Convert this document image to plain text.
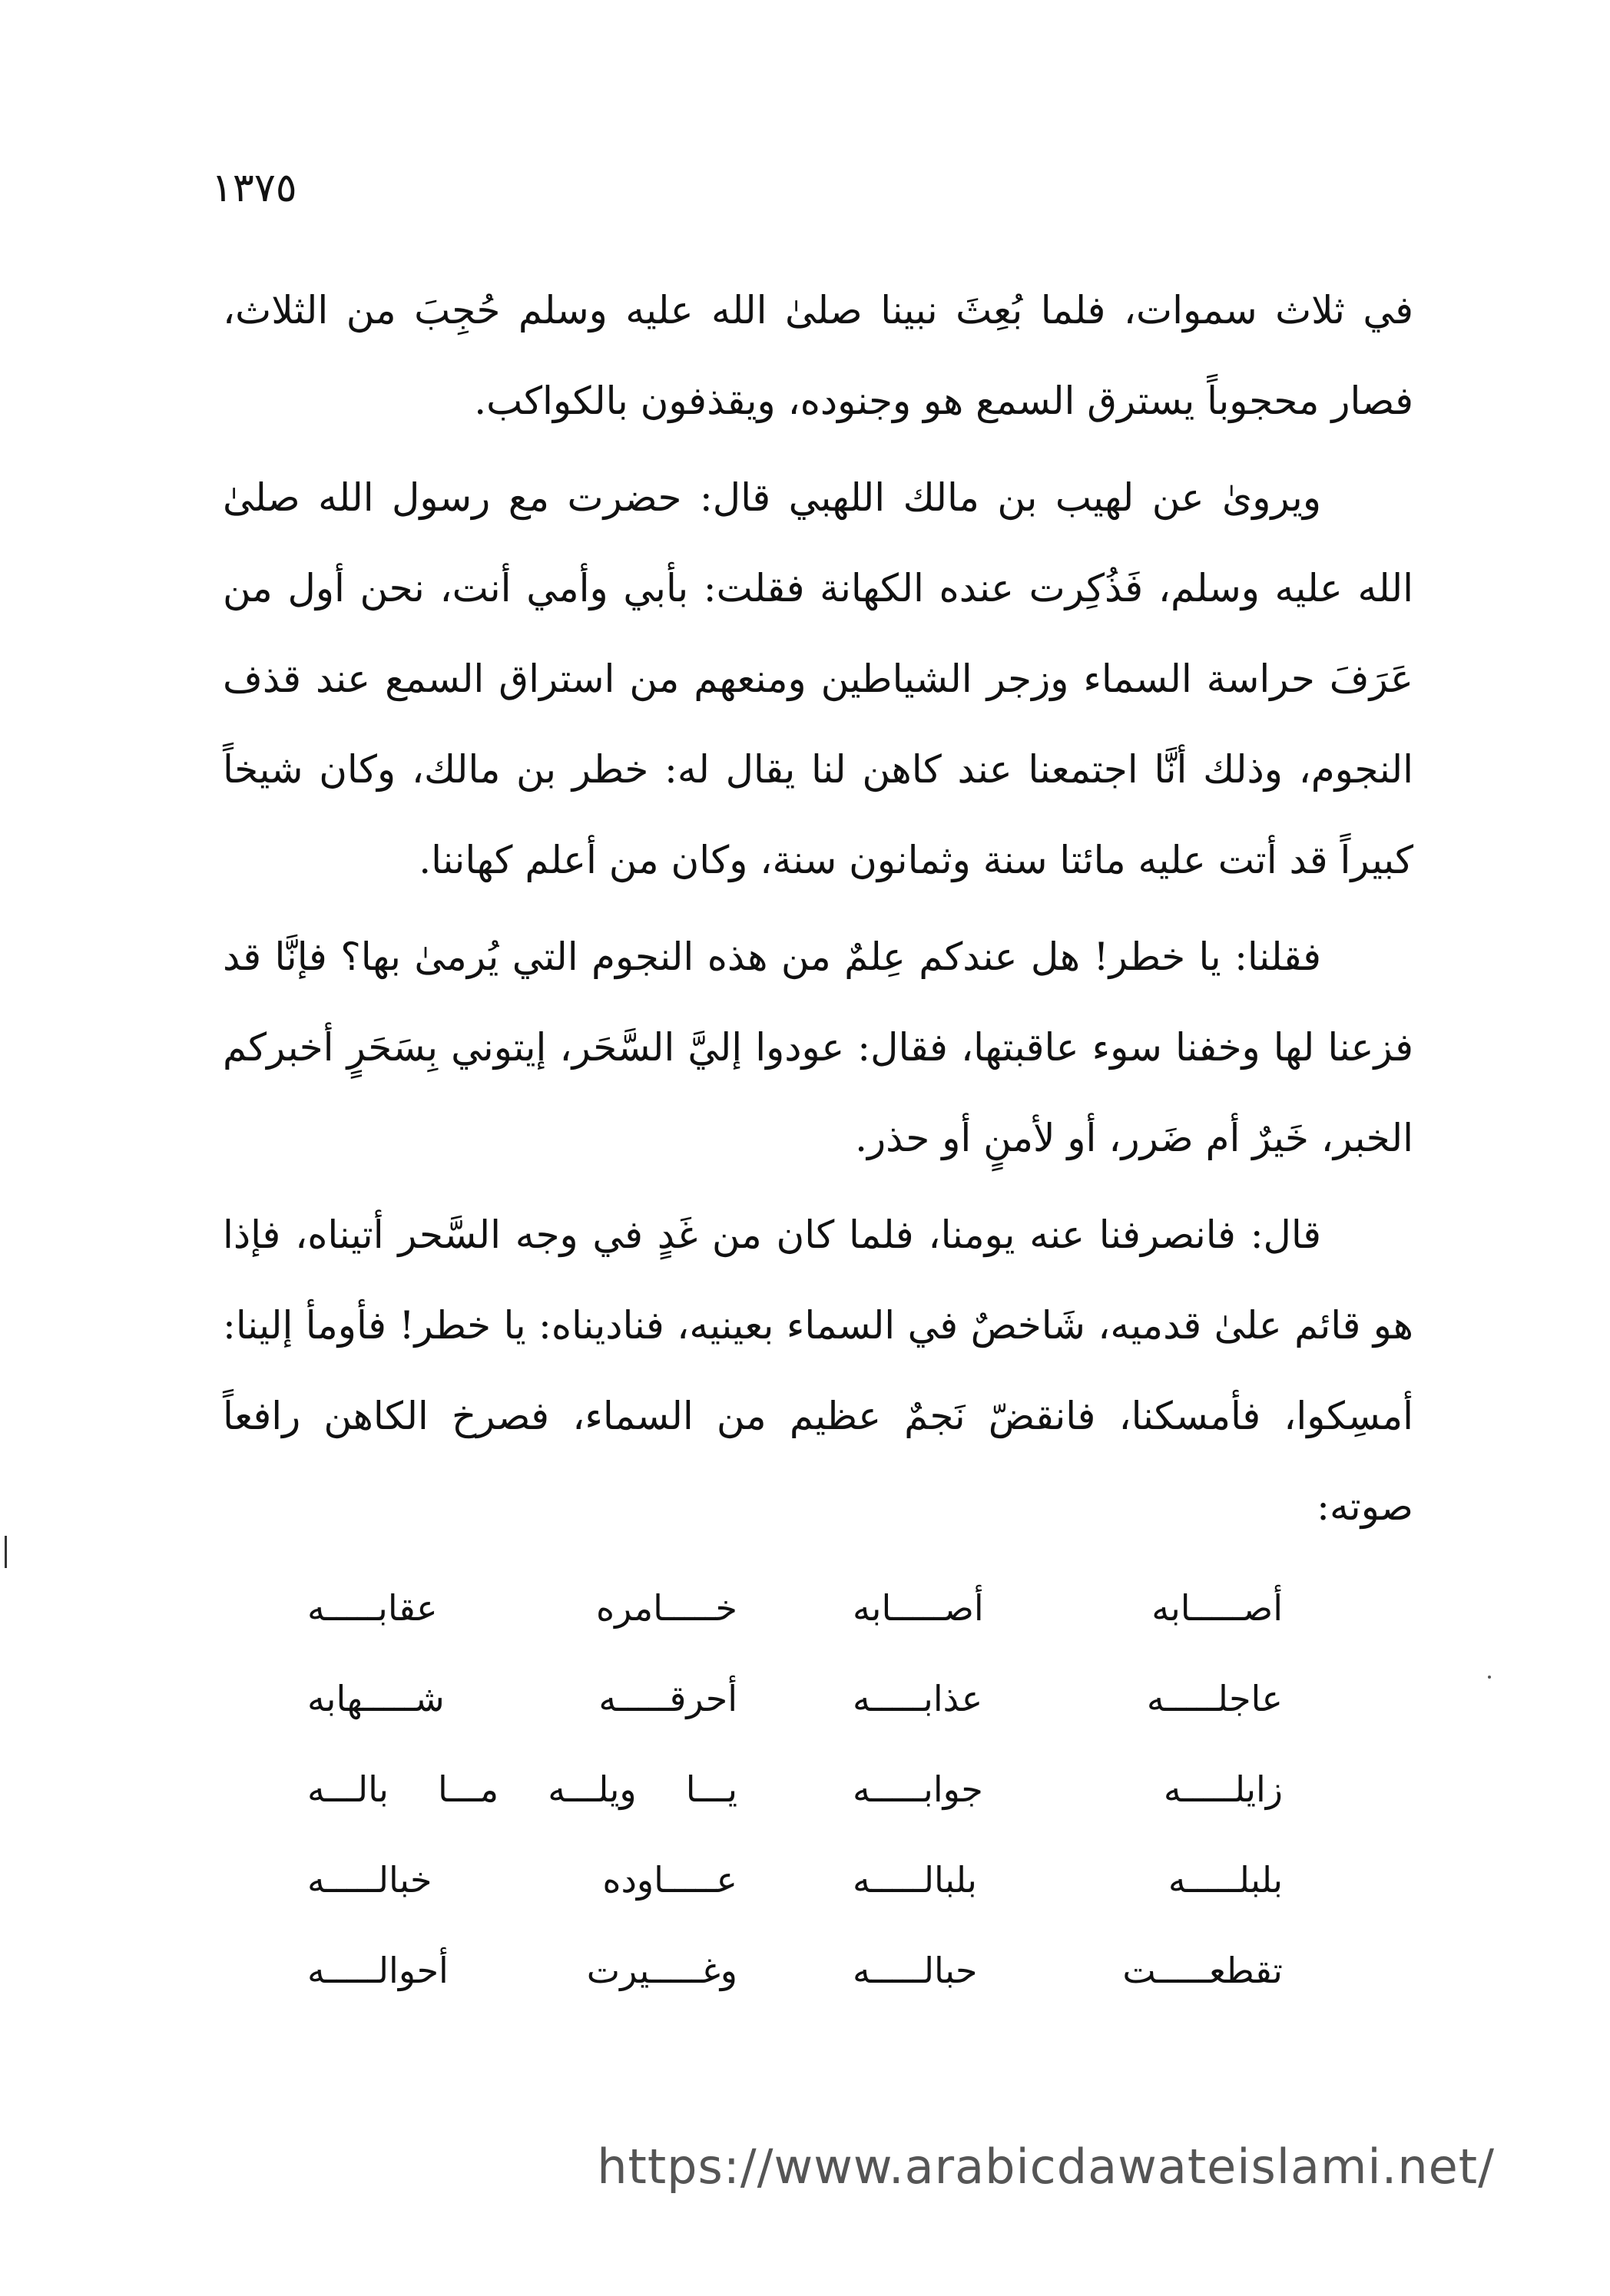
١٣٧٥

في ثلاث سموات، فلما بُعِثَ نبينا صلىٰ الله عليه وسلم حُجِبَ من الثلاث، فصار محجوباً يسترق السمع هو وجنوده، ويقذفون بالكواكب.

ويروىٰ عن لهيب بن مالك اللهبي قال: حضرت مع رسول الله صلىٰ الله عليه وسلم، فَذُكِرت عنده الكهانة فقلت: بأبي وأمي أنت، نحن أول من عَرَفَ حراسة السماء وزجر الشياطين ومنعهم من استراق السمع عند قذف النجوم، وذلك أنَّا اجتمعنا عند كاهن لنا يقال له: خطر بن مالك، وكان شيخاً كبيراً قد أتت عليه مائتا سنة وثمانون سنة، وكان من أعلم كهاننا.

فقلنا: يا خطر! هل عندكم عِلمٌ من هذه النجوم التي يُرمىٰ بها؟ فإنَّا قد فزعنا لها وخفنا سوء عاقبتها، فقال: عودوا إليَّ السَّحَر، إيتوني بِسَحَرٍ أخبركم الخبر، خَيرٌ أم ضَرر، أو لأمنٍ أو حذر.

قال: فانصرفنا عنه يومنا، فلما كان من غَدٍ في وجه السَّحر أتيناه، فإذا هو قائم علىٰ قدميه، شَاخصٌ في السماء بعينيه، فناديناه: يا خطر! فأومأ إلينا: أمسِكوا، فأمسكنا، فانقضّ نَجمٌ عظيم من السماء، فصرخ الكاهن رافعاً صوته:

أصـــــابه أصـــــابه
خـــــامره عقابـــــه
عاجلـــــه عذابـــــه
أحرقـــــه شـــــهابه
زايلـــــه جوابـــــه
يـــا ويلـــه مـــا بالـــه
بلبلـــــه بلبالـــــه
عـــــاوده خبالـــــه
تقطعـــــت حبالـــــه
وغـــــيرت أحوالـــــه
https://www.arabicdawateislami.net/
